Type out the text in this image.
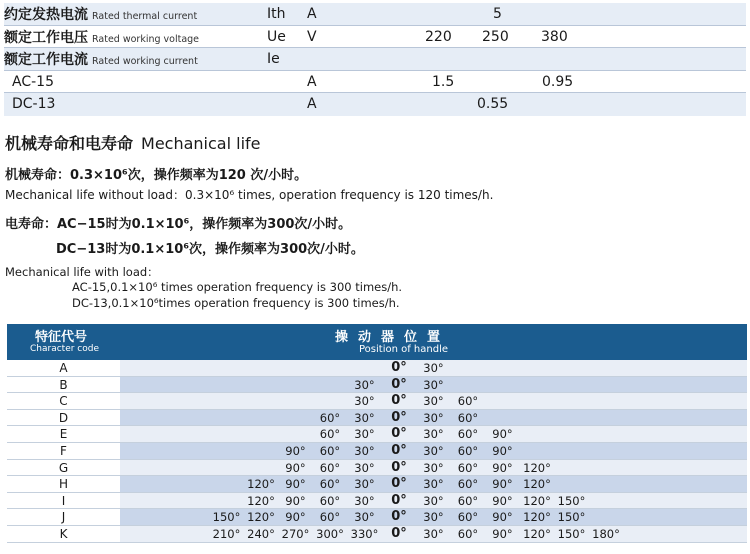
约定发热电流 Rated thermal current	Ith A	5
额定工作电压 Rated working voltage	Ue V	220 250 380
额定工作电流 Rated working current	Ie
AC-15	A	1.5	0.95
DC-13	A	0.55
机械寿命和电寿命 Mechanical life
机械寿命：0.3×10⁶次，操作频率为120 次/小时。
Mechanical life without load：0.3×10⁶ times, operation frequency is 120 times/h.
电寿命：AC−15时为0.1×10⁶，操作频率为300次/小时。
DC−13时为0.1×10⁶次，操作频率为300次/小时。
Mechanical life with load：
AC-15,0.1×10⁶ times operation frequency is 300 times/h.
DC-13,0.1×10⁶times operation frequency is 300 times/h.
特征代号
Character code
操动器位置
Position of handle
A	0°	30°
B	30°	0°	30°
C	30°	0°	30°	60°
D	60°	30°	0°	30°	60°
E	60°	30°	0°	30°	60°	90°
F	90°	60°	30°	0°	30°	60°	90°
G	90°	60°	30°	0°	30°	60°	90° 120°
H	120° 90°	60°	30°	0°	30°	60°	90° 120°
I	120° 90°	60°	30°	0°	30°	60°	90° 120° 150°
J	150° 120° 90°	60°	30°	0°	30°	60°	90° 120° 150°
K	210° 240° 270° 300° 330° 0°	30°	60°	90° 120° 150° 180°
